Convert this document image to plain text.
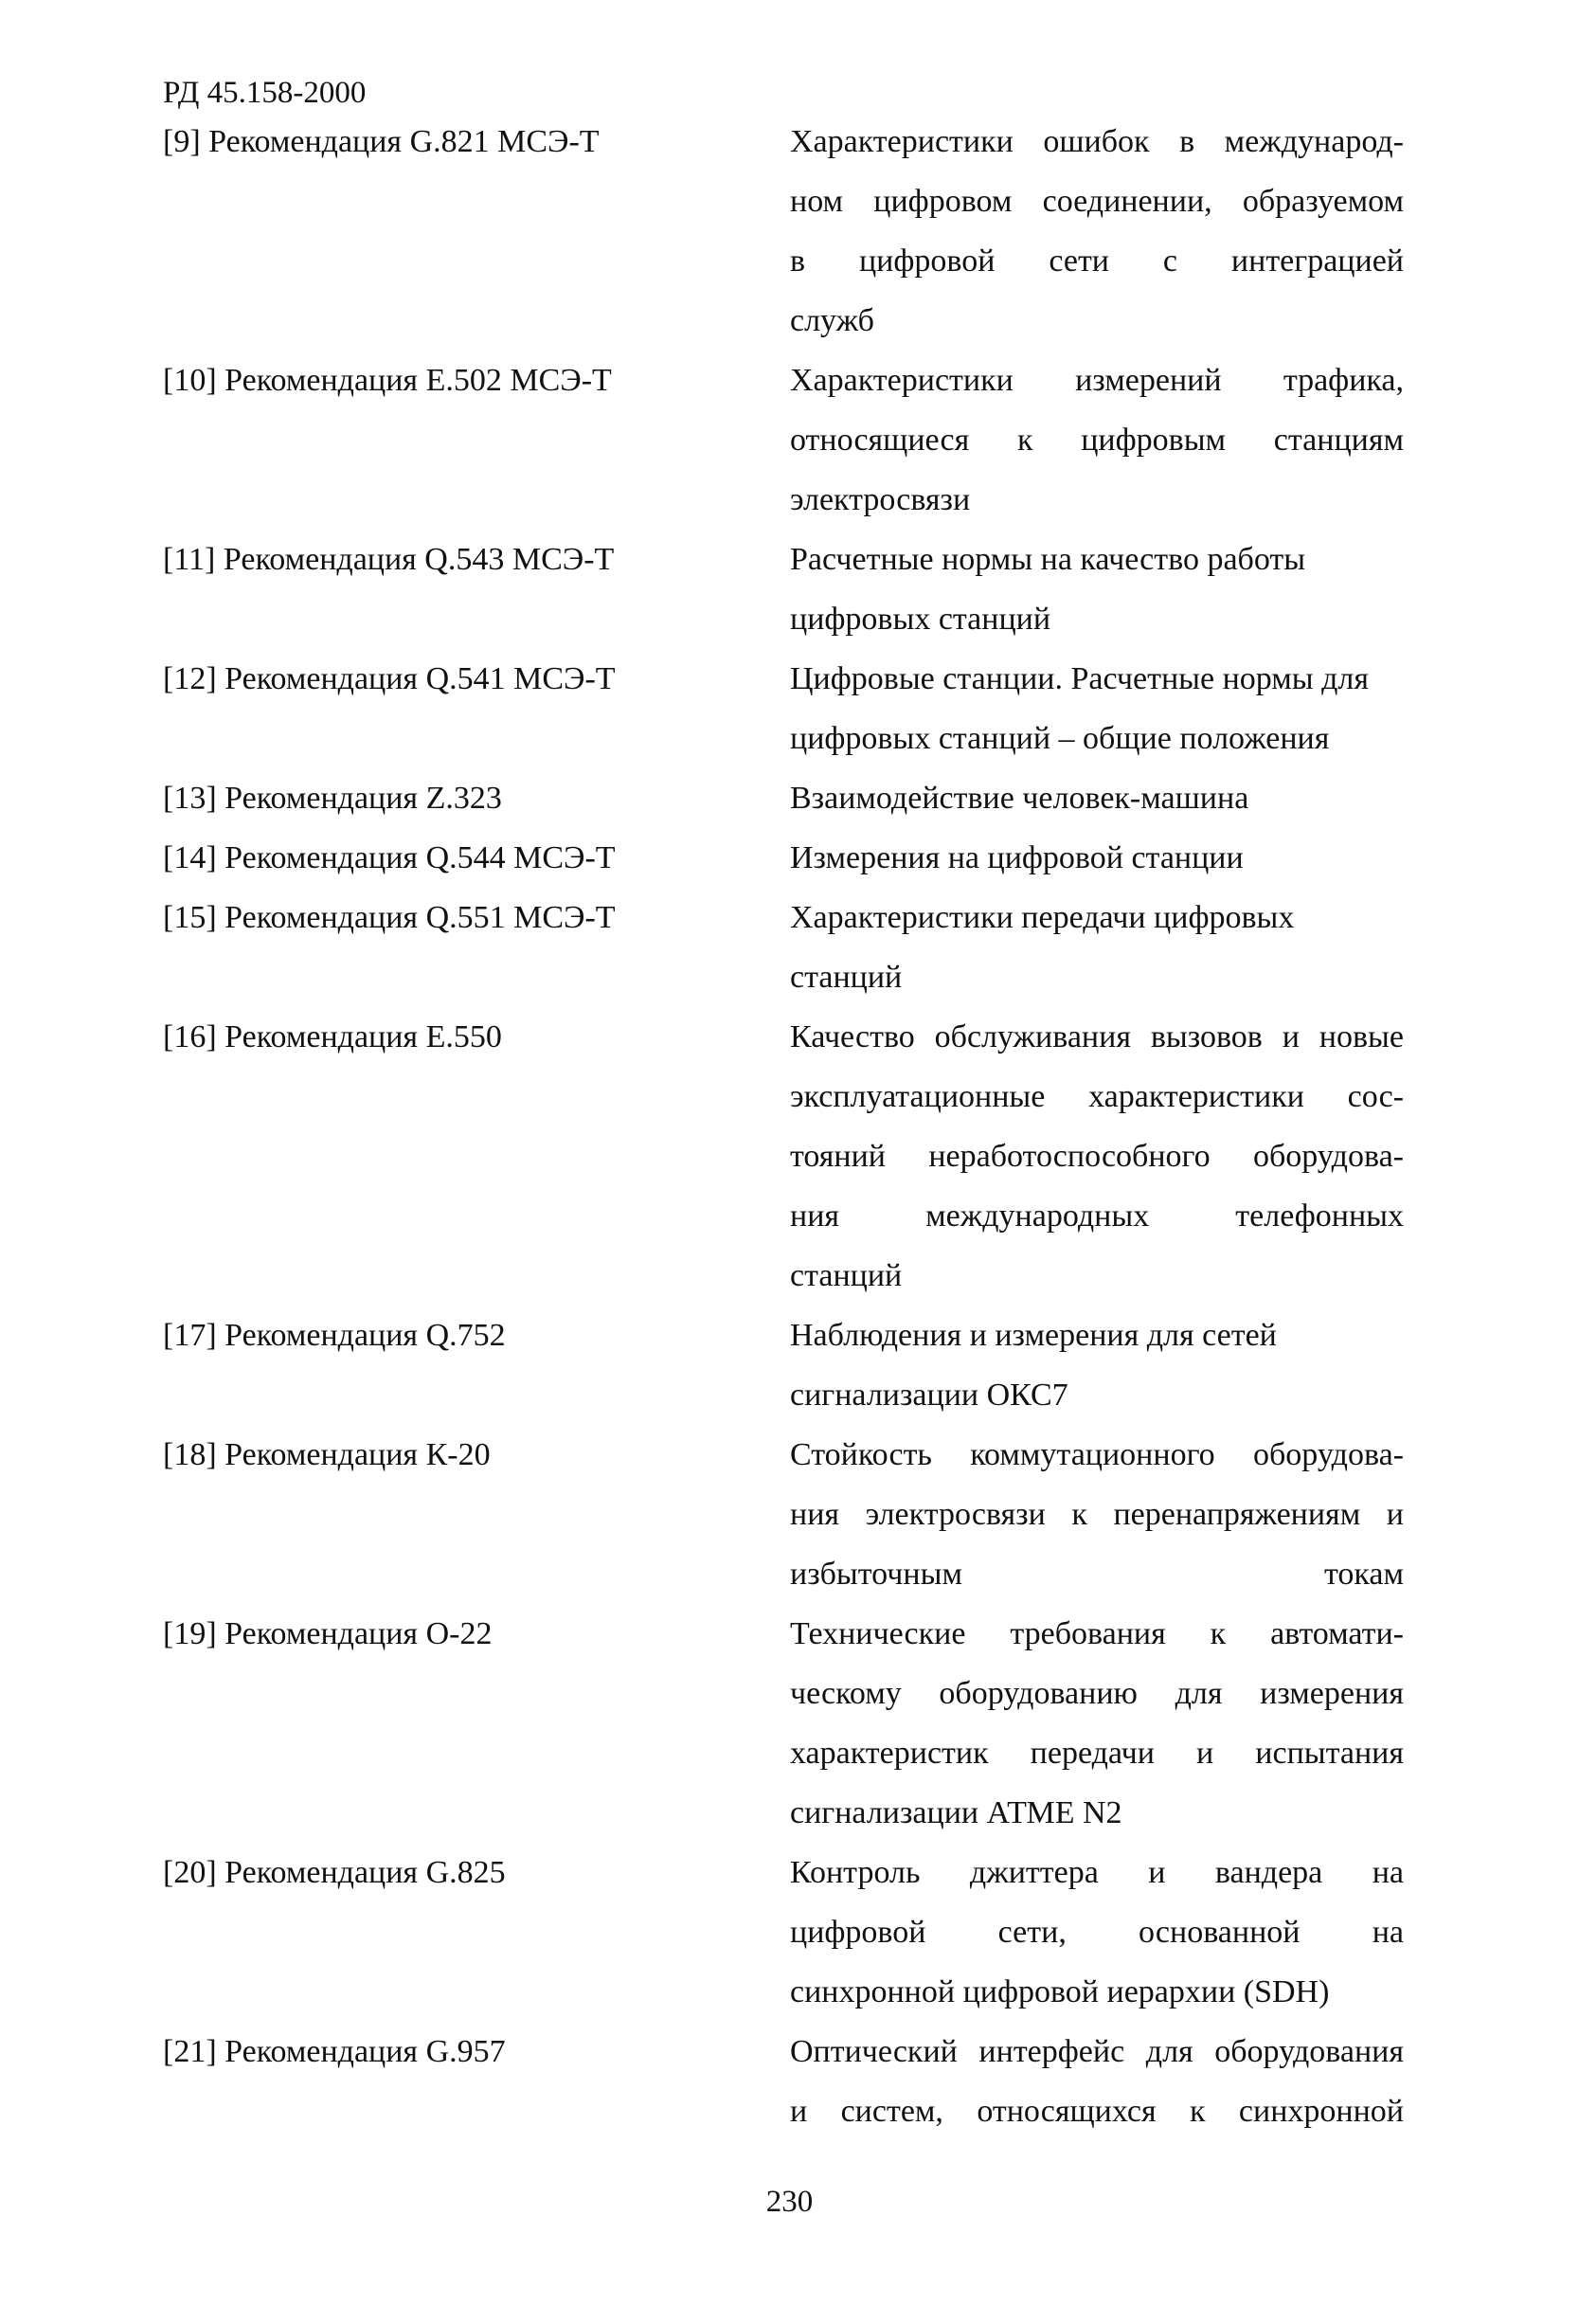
РД 45.158-2000
[9] Рекомендация G.821 МСЭ-Т	Характеристики ошибок в международ-
ном цифровом соединении, образуемом
в цифровой сети с интеграцией
служб
[10] Рекомендация Е.502 МСЭ-Т	Характеристики измерений трафика,
относящиеся к цифровым станциям
электросвязи
[11] Рекомендация Q.543 МСЭ-Т	Расчетные нормы на качество работы
цифровых станций
[12] Рекомендация Q.541 МСЭ-Т	Цифровые станции. Расчетные нормы для
цифровых станций – общие положения
[13] Рекомендация Z.323	Взаимодействие человек-машина
[14] Рекомендация Q.544 МСЭ-Т	Измерения на цифровой станции
[15] Рекомендация Q.551 МСЭ-Т	Характеристики передачи цифровых
станций
[16] Рекомендация Е.550	Качество обслуживания вызовов и новые
эксплуатационные характеристики сос-
тояний неработоспособного оборудова-
ния международных телефонных
станций
[17] Рекомендация Q.752	Наблюдения и измерения для сетей
сигнализации ОКС7
[18] Рекомендация К-20	Стойкость коммутационного оборудова-
ния электросвязи к перенапряжениям и
избыточным токам
[19] Рекомендация О-22	Технические требования к автомати-
ческому оборудованию для измерения
характеристик передачи и испытания
сигнализации АТМЕ N2
[20] Рекомендация G.825	Контроль джиттера и вандера на
цифровой сети, основанной на
синхронной цифровой иерархии (SDH)
[21] Рекомендация G.957	Оптический интерфейс для оборудования
и систем, относящихся к синхронной
230
